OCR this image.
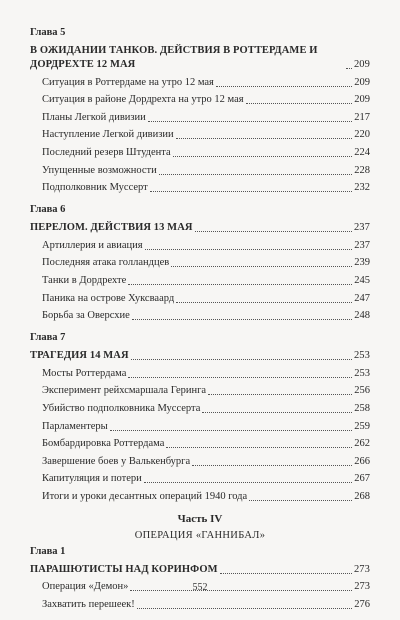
Глава 5
В ОЖИДАНИИ ТАНКОВ. ДЕЙСТВИЯ В РОТТЕРДАМЕ И ДОРДРЕХТЕ 12 МАЯ	209
Ситуация в Роттердаме на утро 12 мая	209
Ситуация в районе Дордрехта на утро 12 мая	209
Планы Легкой дивизии	217
Наступление Легкой дивизии	220
Последний резерв Штудента	224
Упущенные возможности	228
Подполковник Муссерт	232
Глава 6
ПЕРЕЛОМ. ДЕЙСТВИЯ 13 МАЯ	237
Артиллерия и авиация	237
Последняя атака голландцев	239
Танки в Дордрехте	245
Паника на острове Хуксваард	247
Борьба за Оверсхие	248
Глава 7
ТРАГЕДИЯ 14 МАЯ	253
Мосты Роттердама	253
Эксперимент рейхсмаршала Геринга	256
Убийство подполковника Муссерта	258
Парламентеры	259
Бомбардировка Роттердама	262
Завершение боев у Валькенбурга	266
Капитуляция и потери	267
Итоги и уроки десантных операций 1940 года	268
Часть IV
ОПЕРАЦИЯ «ГАННИБАЛ»
Глава 1
ПАРАШЮТИСТЫ НАД КОРИНФОМ	273
Операция «Демон»	273
Захватить перешеек!	276
552
